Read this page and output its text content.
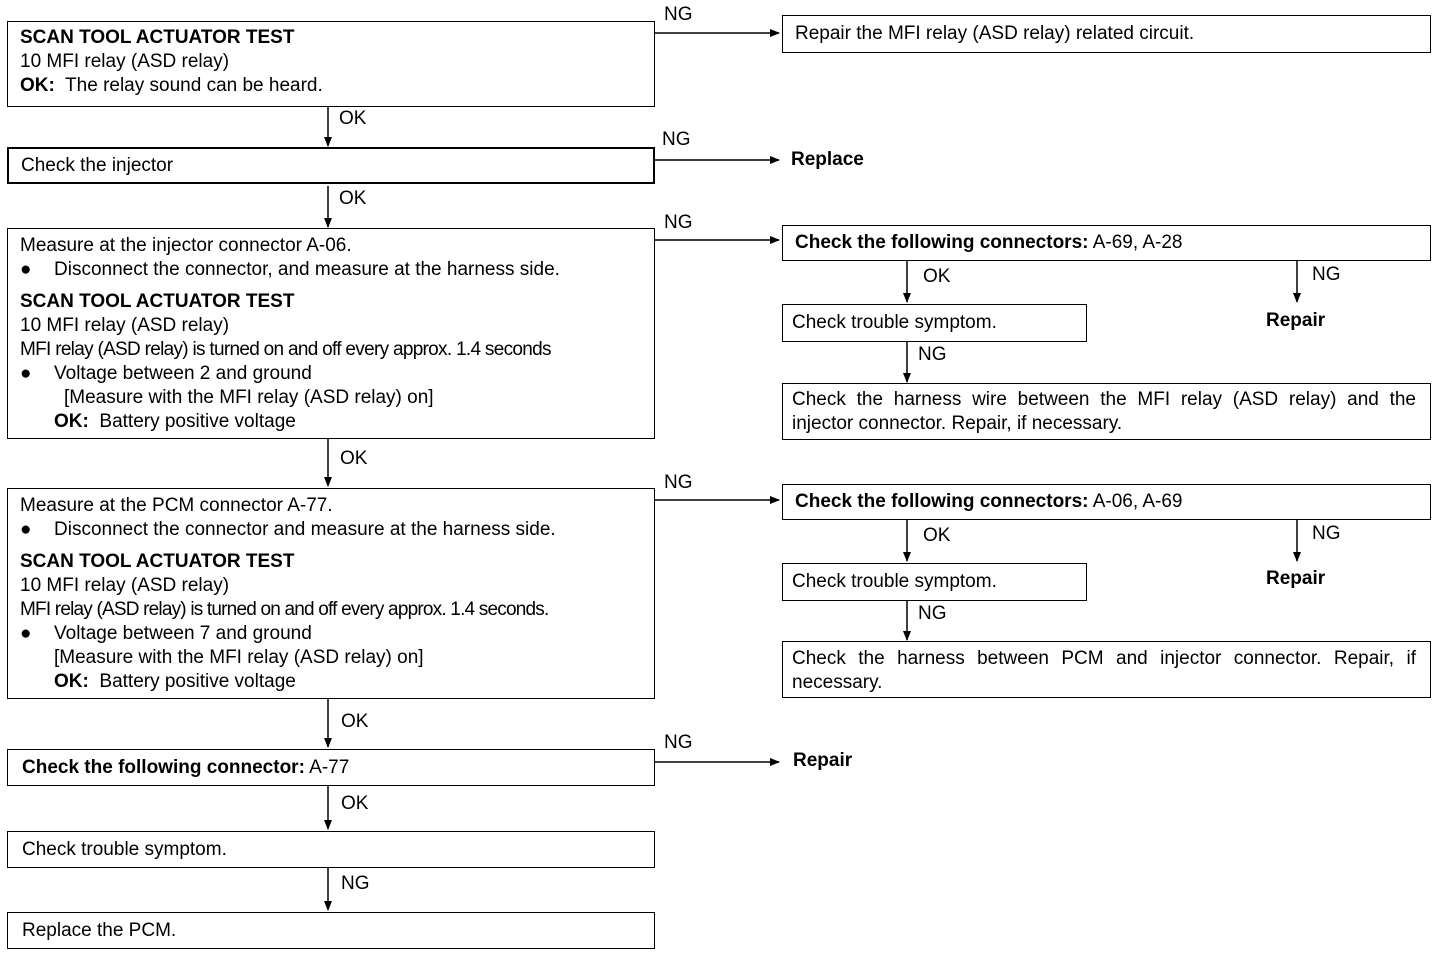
SCAN TOOL ACTUATOR TEST
10 MFI relay (ASD relay)
OK: The relay sound can be heard.
NG
Repair the MFI relay (ASD relay) related circuit.
OK
Check the injector
NG
Replace
OK
Measure at the injector connector A-06.
● Disconnect the connector, and measure at the harness side.
SCAN TOOL ACTUATOR TEST
10 MFI relay (ASD relay)
MFI relay (ASD relay) is turned on and off every approx. 1.4 seconds
● Voltage between 2 and ground
[Measure with the MFI relay (ASD relay) on]
OK: Battery positive voltage
NG
Check the following connectors: A-69, A-28
OK	NG
Check trouble symptom.	Repair
NG
Check the harness wire between the MFI relay (ASD relay) and the injector connector. Repair, if necessary.
OK
Measure at the PCM connector A-77.
● Disconnect the connector and measure at the harness side.
SCAN TOOL ACTUATOR TEST
10 MFI relay (ASD relay)
MFI relay (ASD relay) is turned on and off every approx. 1.4 seconds.
● Voltage between 7 and ground
[Measure with the MFI relay (ASD relay) on]
OK: Battery positive voltage
NG
Check the following connectors: A-06, A-69
OK	NG
Check trouble symptom.	Repair
NG
Check the harness between PCM and injector connector. Repair, if necessary.
OK
Check the following connector: A-77
NG
Repair
OK
Check trouble symptom.
NG
Replace the PCM.
